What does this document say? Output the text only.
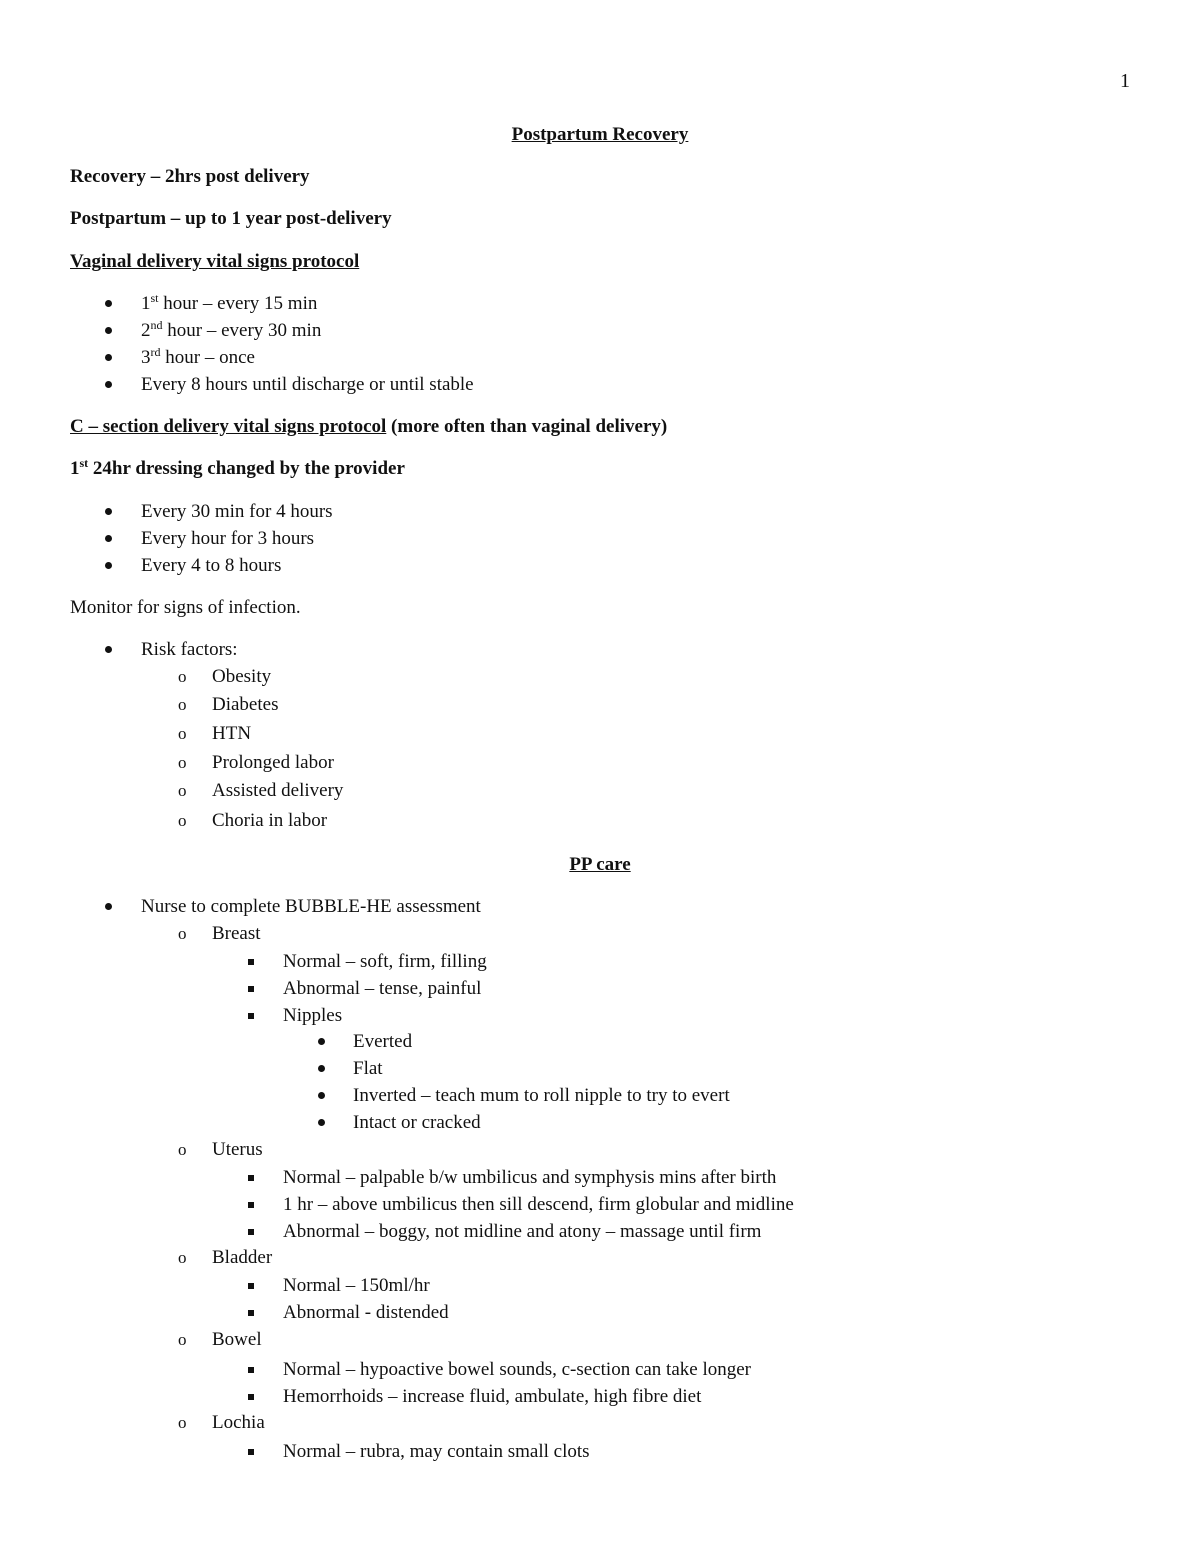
1
Postpartum Recovery
Recovery – 2hrs post delivery
Postpartum – up to 1 year post-delivery
Vaginal delivery vital signs protocol
1st hour – every 15 min
2nd hour – every 30 min
3rd hour – once
Every 8 hours until discharge or until stable
C – section delivery vital signs protocol (more often than vaginal delivery)
1st 24hr dressing changed by the provider
Every 30 min for 4 hours
Every hour for 3 hours
Every 4 to 8 hours
Monitor for signs of infection.
Risk factors:
o Obesity
o Diabetes
o HTN
o Prolonged labor
o Assisted delivery
o Choria in labor
PP care
Nurse to complete BUBBLE-HE assessment
o Breast
Normal – soft, firm, filling
Abnormal – tense, painful
Nipples
Everted
Flat
Inverted – teach mum to roll nipple to try to evert
Intact or cracked
o Uterus
Normal – palpable b/w umbilicus and symphysis mins after birth
1 hr – above umbilicus then sill descend, firm globular and midline
Abnormal – boggy, not midline and atony – massage until firm
o Bladder
Normal – 150ml/hr
Abnormal - distended
o Bowel
Normal – hypoactive bowel sounds, c-section can take longer
Hemorrhoids – increase fluid, ambulate, high fibre diet
o Lochia
Normal – rubra, may contain small clots
